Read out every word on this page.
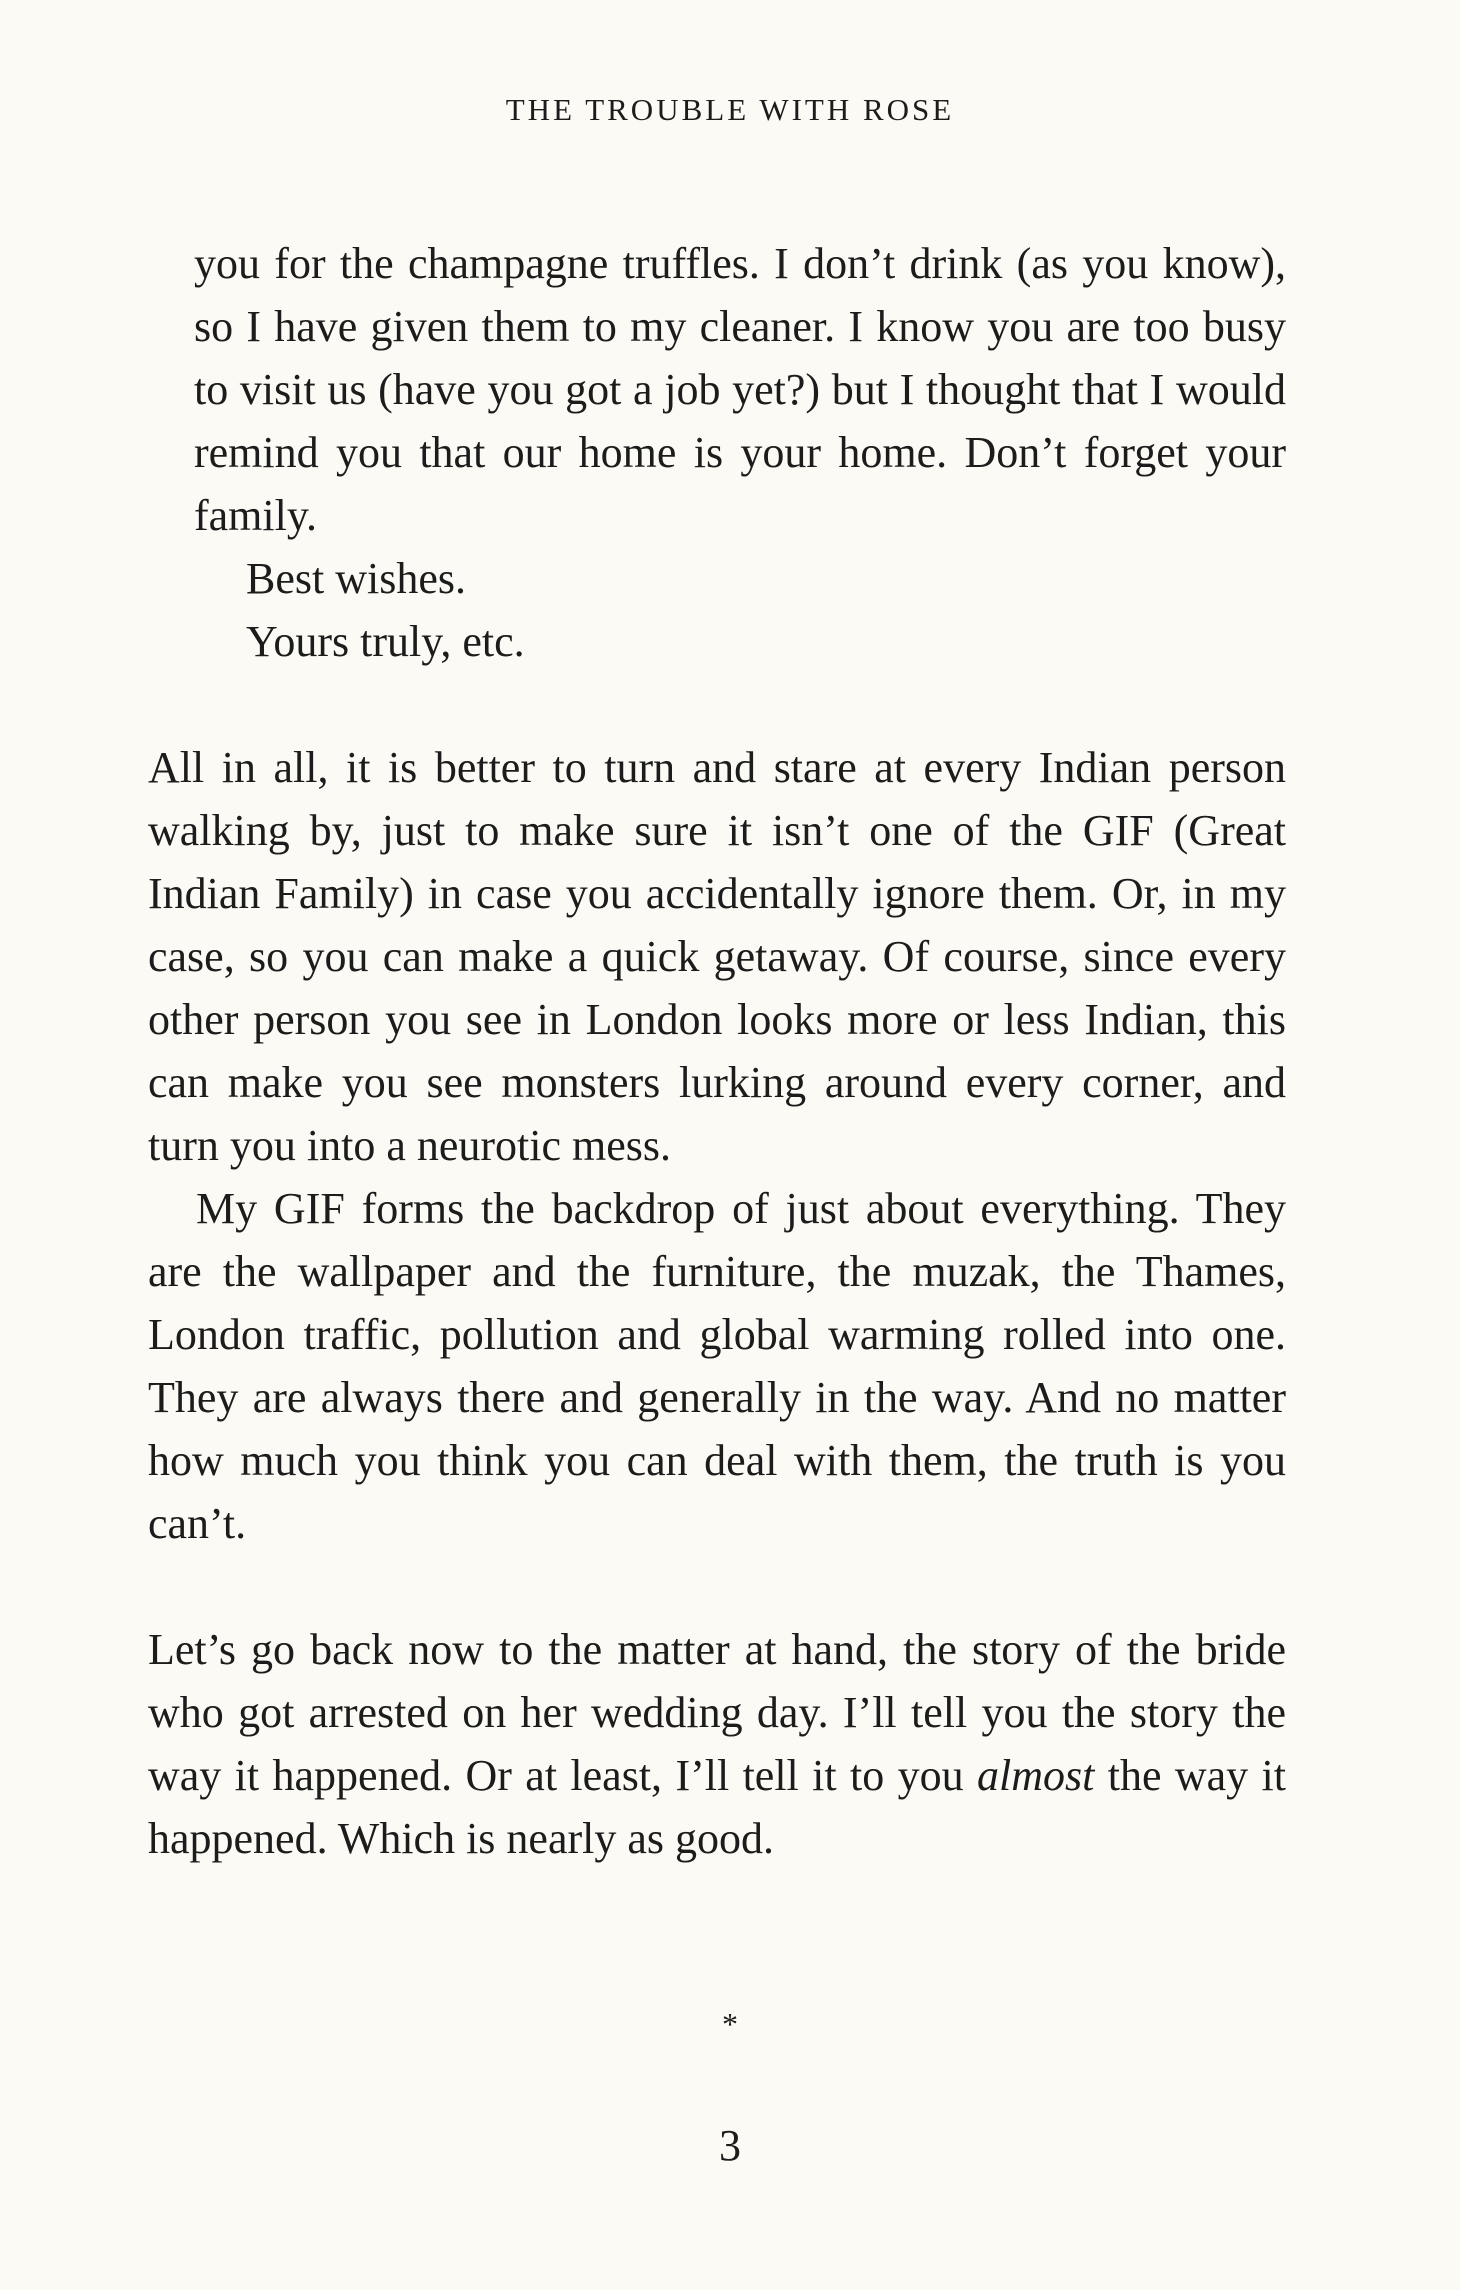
THE TROUBLE WITH ROSE

you for the champagne truffles. I don’t drink (as you know), so I have given them to my cleaner. I know you are too busy to visit us (have you got a job yet?) but I thought that I would remind you that our home is your home. Don’t forget your family.

Best wishes.

Yours truly, etc.

All in all, it is better to turn and stare at every Indian person walking by, just to make sure it isn’t one of the GIF (Great Indian Family) in case you accidentally ignore them. Or, in my case, so you can make a quick getaway. Of course, since every other person you see in London looks more or less Indian, this can make you see monsters lurking around every corner, and turn you into a neurotic mess.

My GIF forms the backdrop of just about everything. They are the wallpaper and the furniture, the muzak, the Thames, London traffic, pollution and global warming rolled into one. They are always there and generally in the way. And no matter how much you think you can deal with them, the truth is you can’t.

Let’s go back now to the matter at hand, the story of the bride who got arrested on her wedding day. I’ll tell you the story the way it happened. Or at least, I’ll tell it to you almost the way it happened. Which is nearly as good.

*
3
